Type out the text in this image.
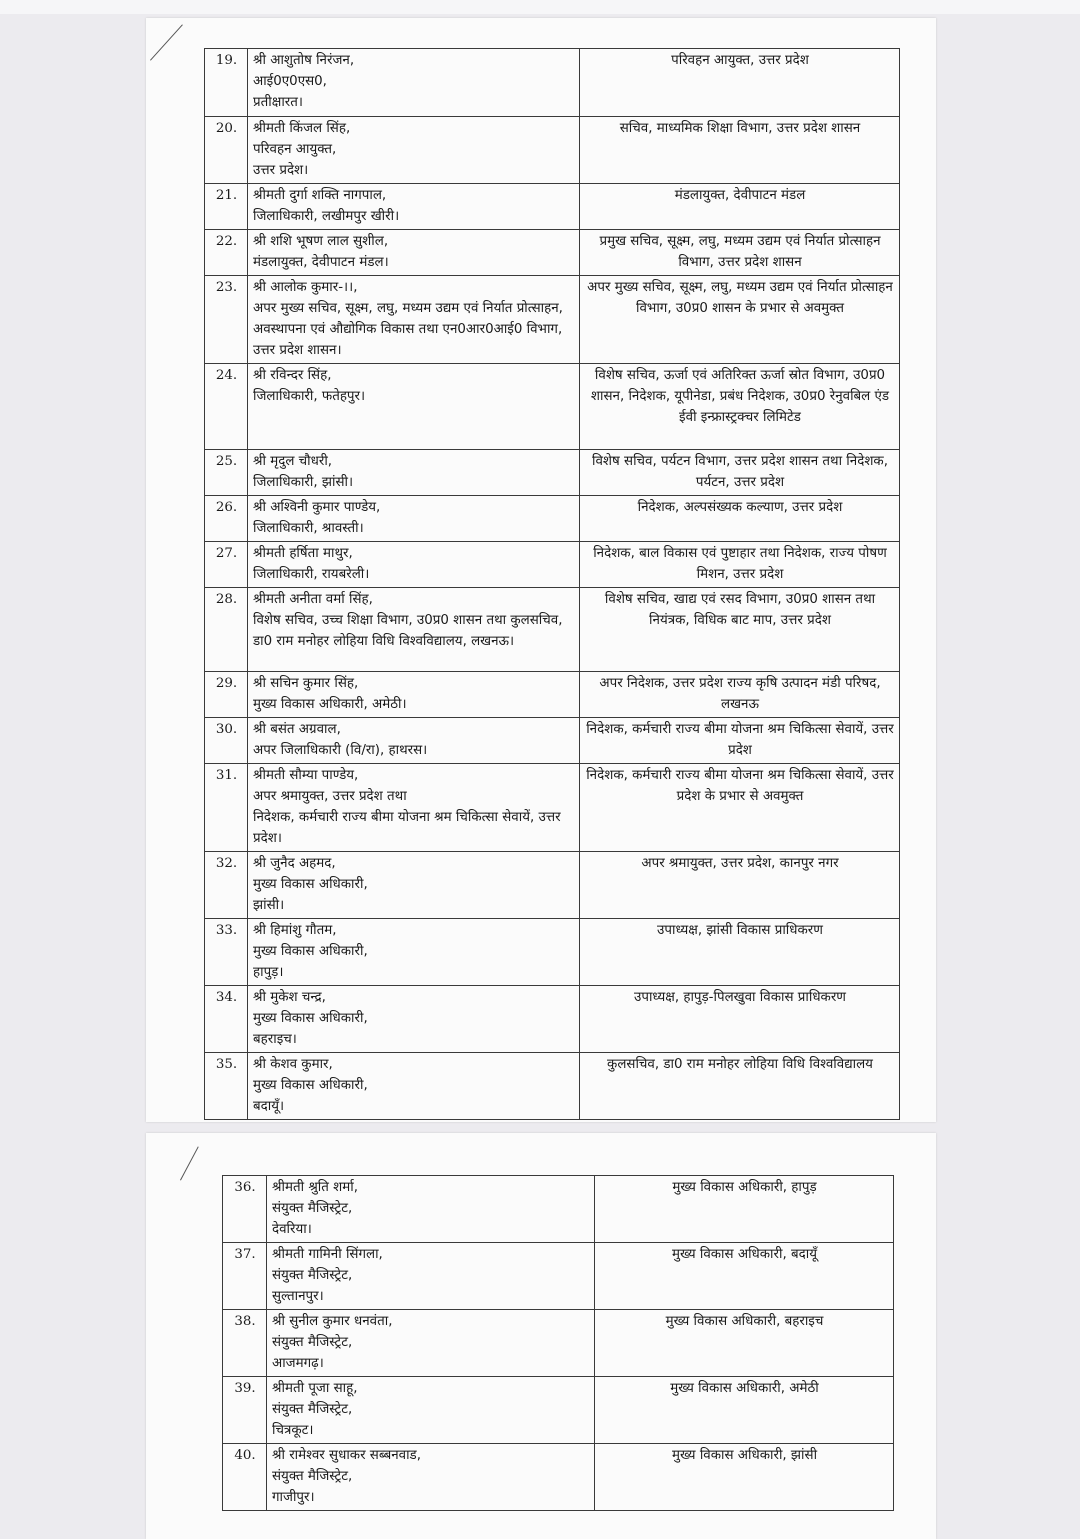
19.	श्री आशुतोष निरंजन,
आई0ए0एस0,
प्रतीक्षारत।	परिवहन आयुक्त, उत्तर प्रदेश
20.	श्रीमती किंजल सिंह,
परिवहन आयुक्त,
उत्तर प्रदेश।	सचिव, माध्यमिक शिक्षा विभाग, उत्तर प्रदेश शासन
21.	श्रीमती दुर्गा शक्ति नागपाल,
जिलाधिकारी, लखीमपुर खीरी।	मंडलायुक्त, देवीपाटन मंडल
22.	श्री शशि भूषण लाल सुशील,
मंडलायुक्त, देवीपाटन मंडल।	प्रमुख सचिव, सूक्ष्म, लघु, मध्यम उद्यम एवं निर्यात प्रोत्साहन विभाग, उत्तर प्रदेश शासन
23.	श्री आलोक कुमार-।।,
अपर मुख्य सचिव, सूक्ष्म, लघु, मध्यम उद्यम एवं निर्यात प्रोत्साहन, अवस्थापना एवं औद्योगिक विकास तथा एन0आर0आई0 विभाग, उत्तर प्रदेश शासन।	अपर मुख्य सचिव, सूक्ष्म, लघु, मध्यम उद्यम एवं निर्यात प्रोत्साहन विभाग, उ0प्र0 शासन के प्रभार से अवमुक्त
24.	श्री रविन्दर सिंह,
जिलाधिकारी, फतेहपुर।	विशेष सचिव, ऊर्जा एवं अतिरिक्त ऊर्जा स्रोत विभाग, उ0प्र0 शासन, निदेशक, यूपीनेडा, प्रबंध निदेशक, उ0प्र0 रेनुवबिल एंड ईवी इन्फ्रास्ट्रक्चर लिमिटेड
25.	श्री मृदुल चौधरी,
जिलाधिकारी, झांसी।	विशेष सचिव, पर्यटन विभाग, उत्तर प्रदेश शासन तथा निदेशक, पर्यटन, उत्तर प्रदेश
26.	श्री अश्विनी कुमार पाण्डेय,
जिलाधिकारी, श्रावस्ती।	निदेशक, अल्पसंख्यक कल्याण, उत्तर प्रदेश
27.	श्रीमती हर्षिता माथुर,
जिलाधिकारी, रायबरेली।	निदेशक, बाल विकास एवं पुष्टाहार तथा निदेशक, राज्य पोषण मिशन, उत्तर प्रदेश
28.	श्रीमती अनीता वर्मा सिंह,
विशेष सचिव, उच्च शिक्षा विभाग, उ0प्र0 शासन तथा कुलसचिव, डा0 राम मनोहर लोहिया विधि विश्वविद्यालय, लखनऊ।	विशेष सचिव, खाद्य एवं रसद विभाग, उ0प्र0 शासन तथा नियंत्रक, विधिक बाट माप, उत्तर प्रदेश
29.	श्री सचिन कुमार सिंह,
मुख्य विकास अधिकारी, अमेठी।	अपर निदेशक, उत्तर प्रदेश राज्य कृषि उत्पादन मंडी परिषद, लखनऊ
30.	श्री बसंत अग्रवाल,
अपर जिलाधिकारी (वि/रा), हाथरस।	निदेशक, कर्मचारी राज्य बीमा योजना श्रम चिकित्सा सेवायें, उत्तर प्रदेश
31.	श्रीमती सौम्या पाण्डेय,
अपर श्रमायुक्त, उत्तर प्रदेश तथा
निदेशक, कर्मचारी राज्य बीमा योजना श्रम चिकित्सा सेवायें, उत्तर प्रदेश।	निदेशक, कर्मचारी राज्य बीमा योजना श्रम चिकित्सा सेवायें, उत्तर प्रदेश के प्रभार से अवमुक्त
32.	श्री जुनैद अहमद,
मुख्य विकास अधिकारी,
झांसी।	अपर श्रमायुक्त, उत्तर प्रदेश, कानपुर नगर
33.	श्री हिमांशु गौतम,
मुख्य विकास अधिकारी,
हापुड़।	उपाध्यक्ष, झांसी विकास प्राधिकरण
34.	श्री मुकेश चन्द्र,
मुख्य विकास अधिकारी,
बहराइच।	उपाध्यक्ष, हापुड़-पिलखुवा विकास प्राधिकरण
35.	श्री केशव कुमार,
मुख्य विकास अधिकारी,
बदायूँ।	कुलसचिव, डा0 राम मनोहर लोहिया विधि विश्वविद्यालय
36.	श्रीमती श्रुति शर्मा,
संयुक्त मैजिस्ट्रेट,
देवरिया।	मुख्य विकास अधिकारी, हापुड़
37.	श्रीमती गामिनी सिंगला,
संयुक्त मैजिस्ट्रेट,
सुल्तानपुर।	मुख्य विकास अधिकारी, बदायूँ
38.	श्री सुनील कुमार धनवंता,
संयुक्त मैजिस्ट्रेट,
आजमगढ़।	मुख्य विकास अधिकारी, बहराइच
39.	श्रीमती पूजा साहू,
संयुक्त मैजिस्ट्रेट,
चित्रकूट।	मुख्य विकास अधिकारी, अमेठी
40.	श्री रामेश्वर सुधाकर सब्बनवाड,
संयुक्त मैजिस्ट्रेट,
गाजीपुर।	मुख्य विकास अधिकारी, झांसी
